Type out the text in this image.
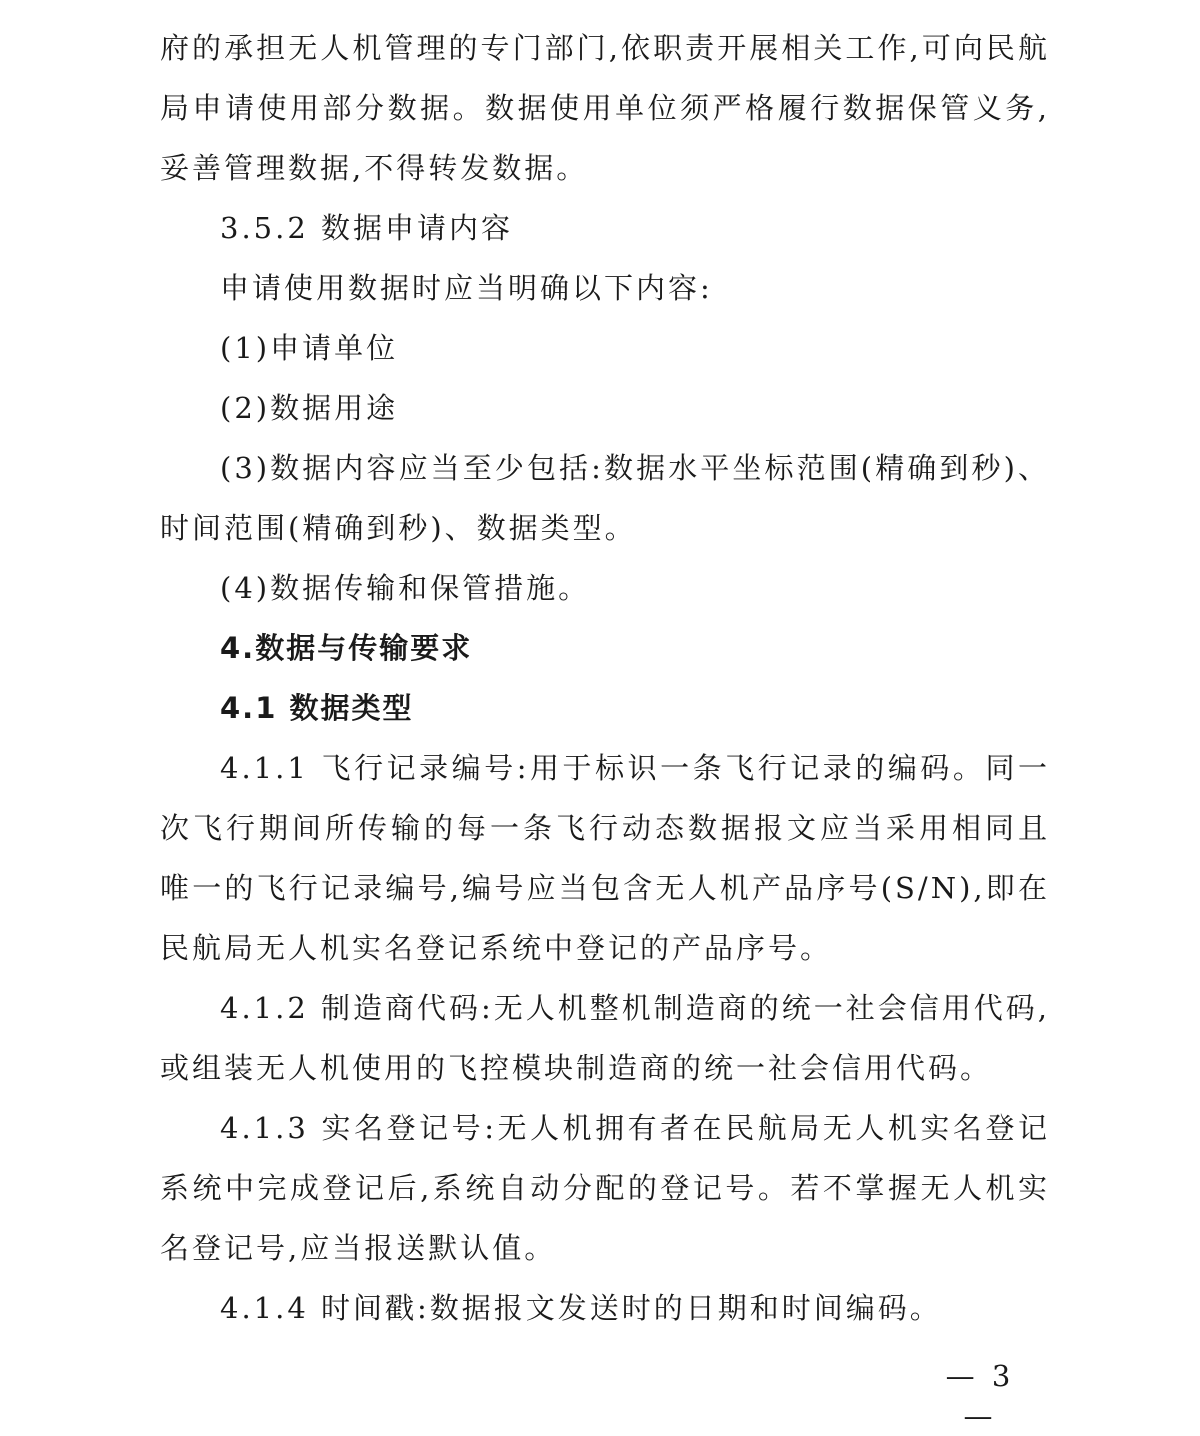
府的承担无人机管理的专门部门,依职责开展相关工作,可向民航局申请使用部分数据。数据使用单位须严格履行数据保管义务,妥善管理数据,不得转发数据。

3.5.2 数据申请内容

申请使用数据时应当明确以下内容:

(1)申请单位

(2)数据用途

(3)数据内容应当至少包括:数据水平坐标范围(精确到秒)、时间范围(精确到秒)、数据类型。

(4)数据传输和保管措施。

4.数据与传输要求

4.1 数据类型

4.1.1 飞行记录编号:用于标识一条飞行记录的编码。同一次飞行期间所传输的每一条飞行动态数据报文应当采用相同且唯一的飞行记录编号,编号应当包含无人机产品序号(S/N),即在民航局无人机实名登记系统中登记的产品序号。

4.1.2 制造商代码:无人机整机制造商的统一社会信用代码,或组装无人机使用的飞控模块制造商的统一社会信用代码。

4.1.3 实名登记号:无人机拥有者在民航局无人机实名登记系统中完成登记后,系统自动分配的登记号。若不掌握无人机实名登记号,应当报送默认值。

4.1.4 时间戳:数据报文发送时的日期和时间编码。

— 3 —
